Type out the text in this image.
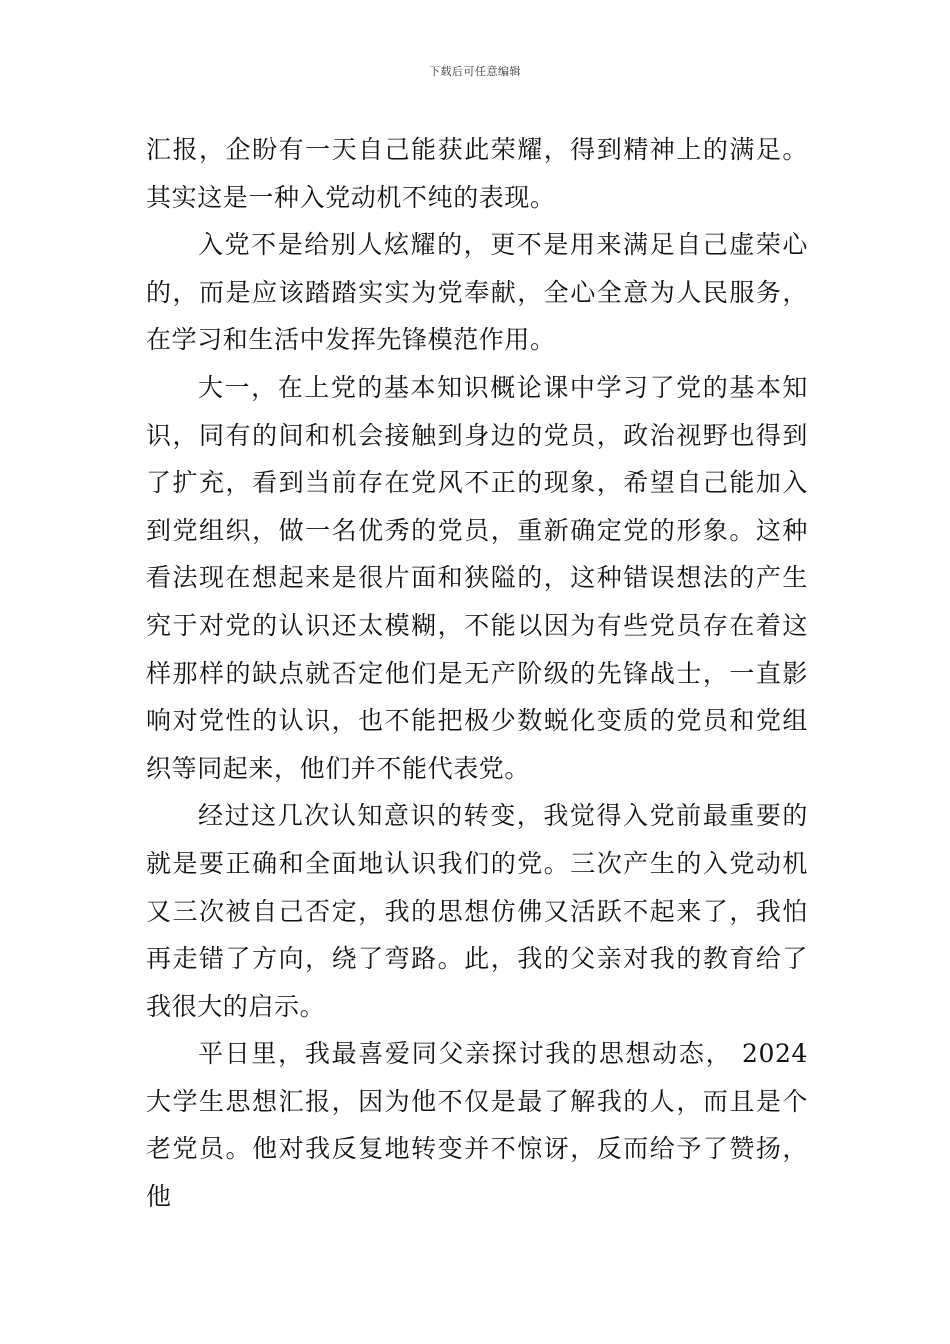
下载后可任意编辑

汇报，企盼有一天自己能获此荣耀，得到精神上的满足。其实这是一种入党动机不纯的表现。

入党不是给别人炫耀的，更不是用来满足自己虚荣心的，而是应该踏踏实实为党奉献，全心全意为人民服务，在学习和生活中发挥先锋模范作用。

大一，在上党的基本知识概论课中学习了党的基本知识，同有的间和机会接触到身边的党员，政治视野也得到了扩充，看到当前存在党风不正的现象，希望自己能加入到党组织，做一名优秀的党员，重新确定党的形象。这种看法现在想起来是很片面和狭隘的，这种错误想法的产生究于对党的认识还太模糊，不能以因为有些党员存在着这样那样的缺点就否定他们是无产阶级的先锋战士，一直影响对党性的认识，也不能把极少数蜕化变质的党员和党组织等同起来，他们并不能代表党。

经过这几次认知意识的转变，我觉得入党前最重要的就是要正确和全面地认识我们的党。三次产生的入党动机又三次被自己否定，我的思想仿佛又活跃不起来了，我怕再走错了方向，绕了弯路。此，我的父亲对我的教育给了我很大的启示。

平日里，我最喜爱同父亲探讨我的思想动态， 2024大学生思想汇报，因为他不仅是最了解我的人，而且是个老党员。他对我反复地转变并不惊讶，反而给予了赞扬，他
